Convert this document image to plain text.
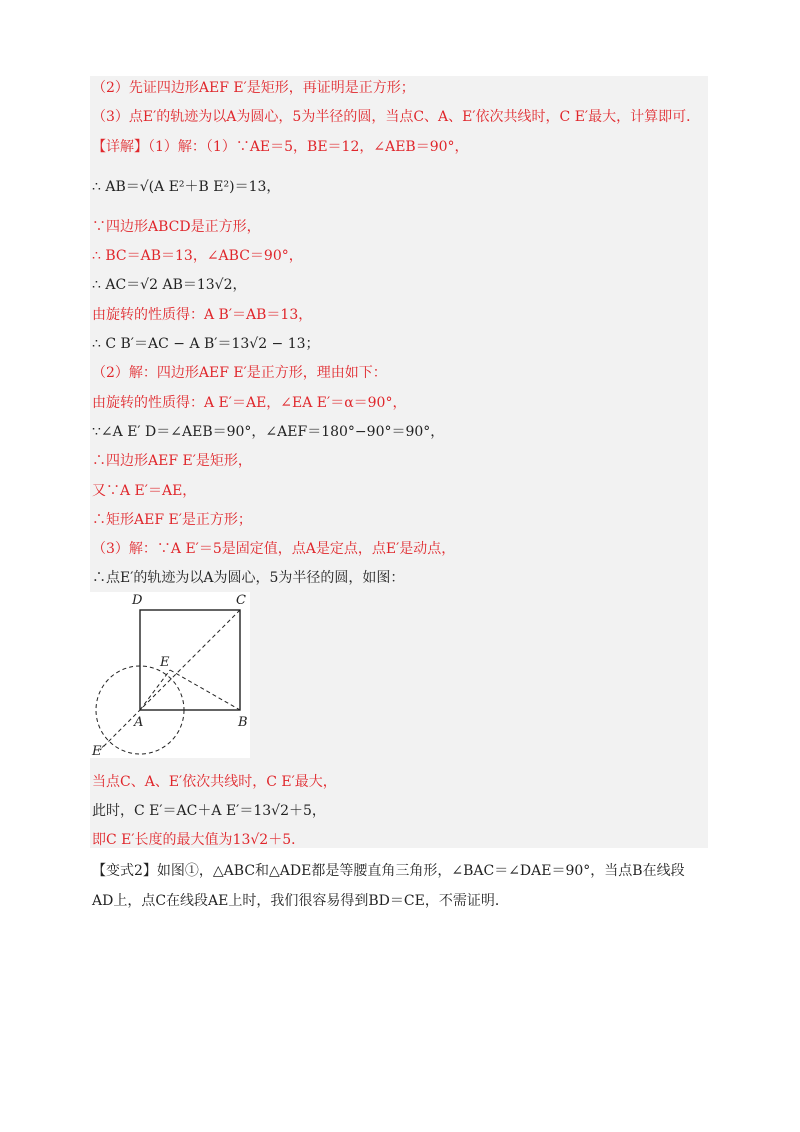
（2）先证四边形AEF E′是矩形，再证明是正方形；
（3）点E′的轨迹为以A为圆心，5为半径的圆，当点C、A、E′依次共线时，C E′最大，计算即可．
【详解】（1）解：（1）∵AE＝5，BE＝12，∠AEB＝90°，
∴ AB＝√(A E²＋B E²)＝13，
∵四边形ABCD是正方形，
∴ BC＝AB＝13，∠ABC＝90°，
∴ AC＝√2 AB＝13√2，
由旋转的性质得：A B′＝AB＝13，
∴ C B′＝AC − A B′＝13√2 − 13；
（2）解：四边形AEF E′是正方形，理由如下：
由旋转的性质得：A E′＝AE，∠EA E′＝α＝90°，
∵∠A E′ D＝∠AEB＝90°，∠AEF＝180°−90°＝90°，
∴四边形AEF E′是矩形，
又∵A E′＝AE，
∴矩形AEF E′是正方形；
（3）解：∵A E′＝5是固定值，点A是定点，点E′是动点，
∴点E′的轨迹为以A为圆心，5为半径的圆，如图：
D	C
E
A	B
E′
当点C、A、E′依次共线时，C E′最大，
此时，C E′＝AC＋A E′＝13√2＋5，
即C E′长度的最大值为13√2＋5．
【变式2】如图①，△ABC和△ADE都是等腰直角三角形，∠BAC＝∠DAE＝90°，当点B在线段
AD上，点C在线段AE上时，我们很容易得到BD＝CE，不需证明．
